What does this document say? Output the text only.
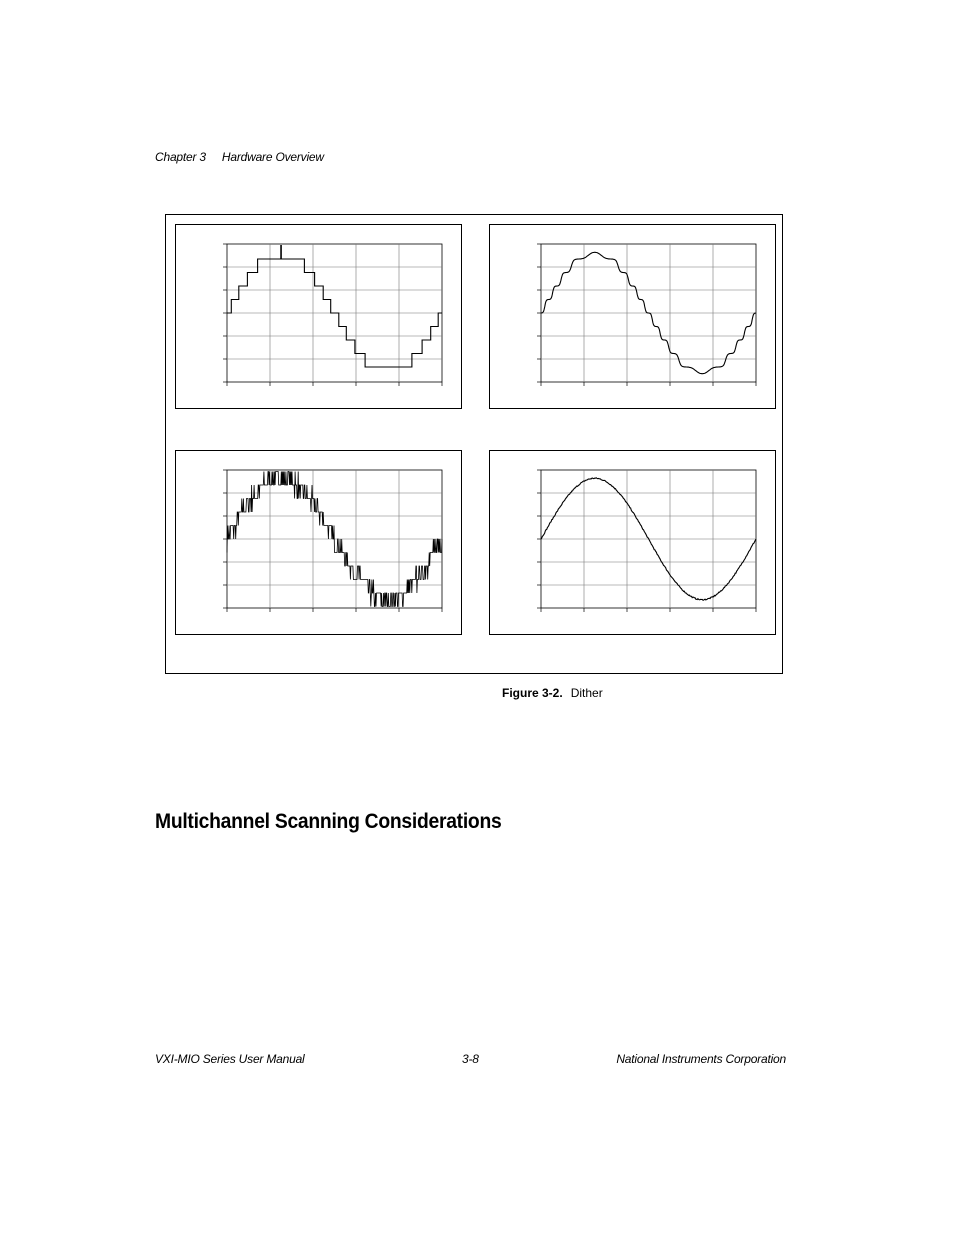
Chapter 3 Hardware Overview
Figure 3-2. Dither
Multichannel Scanning Considerations
VXI-MIO Series User Manual	3-8	National Instruments Corporation
